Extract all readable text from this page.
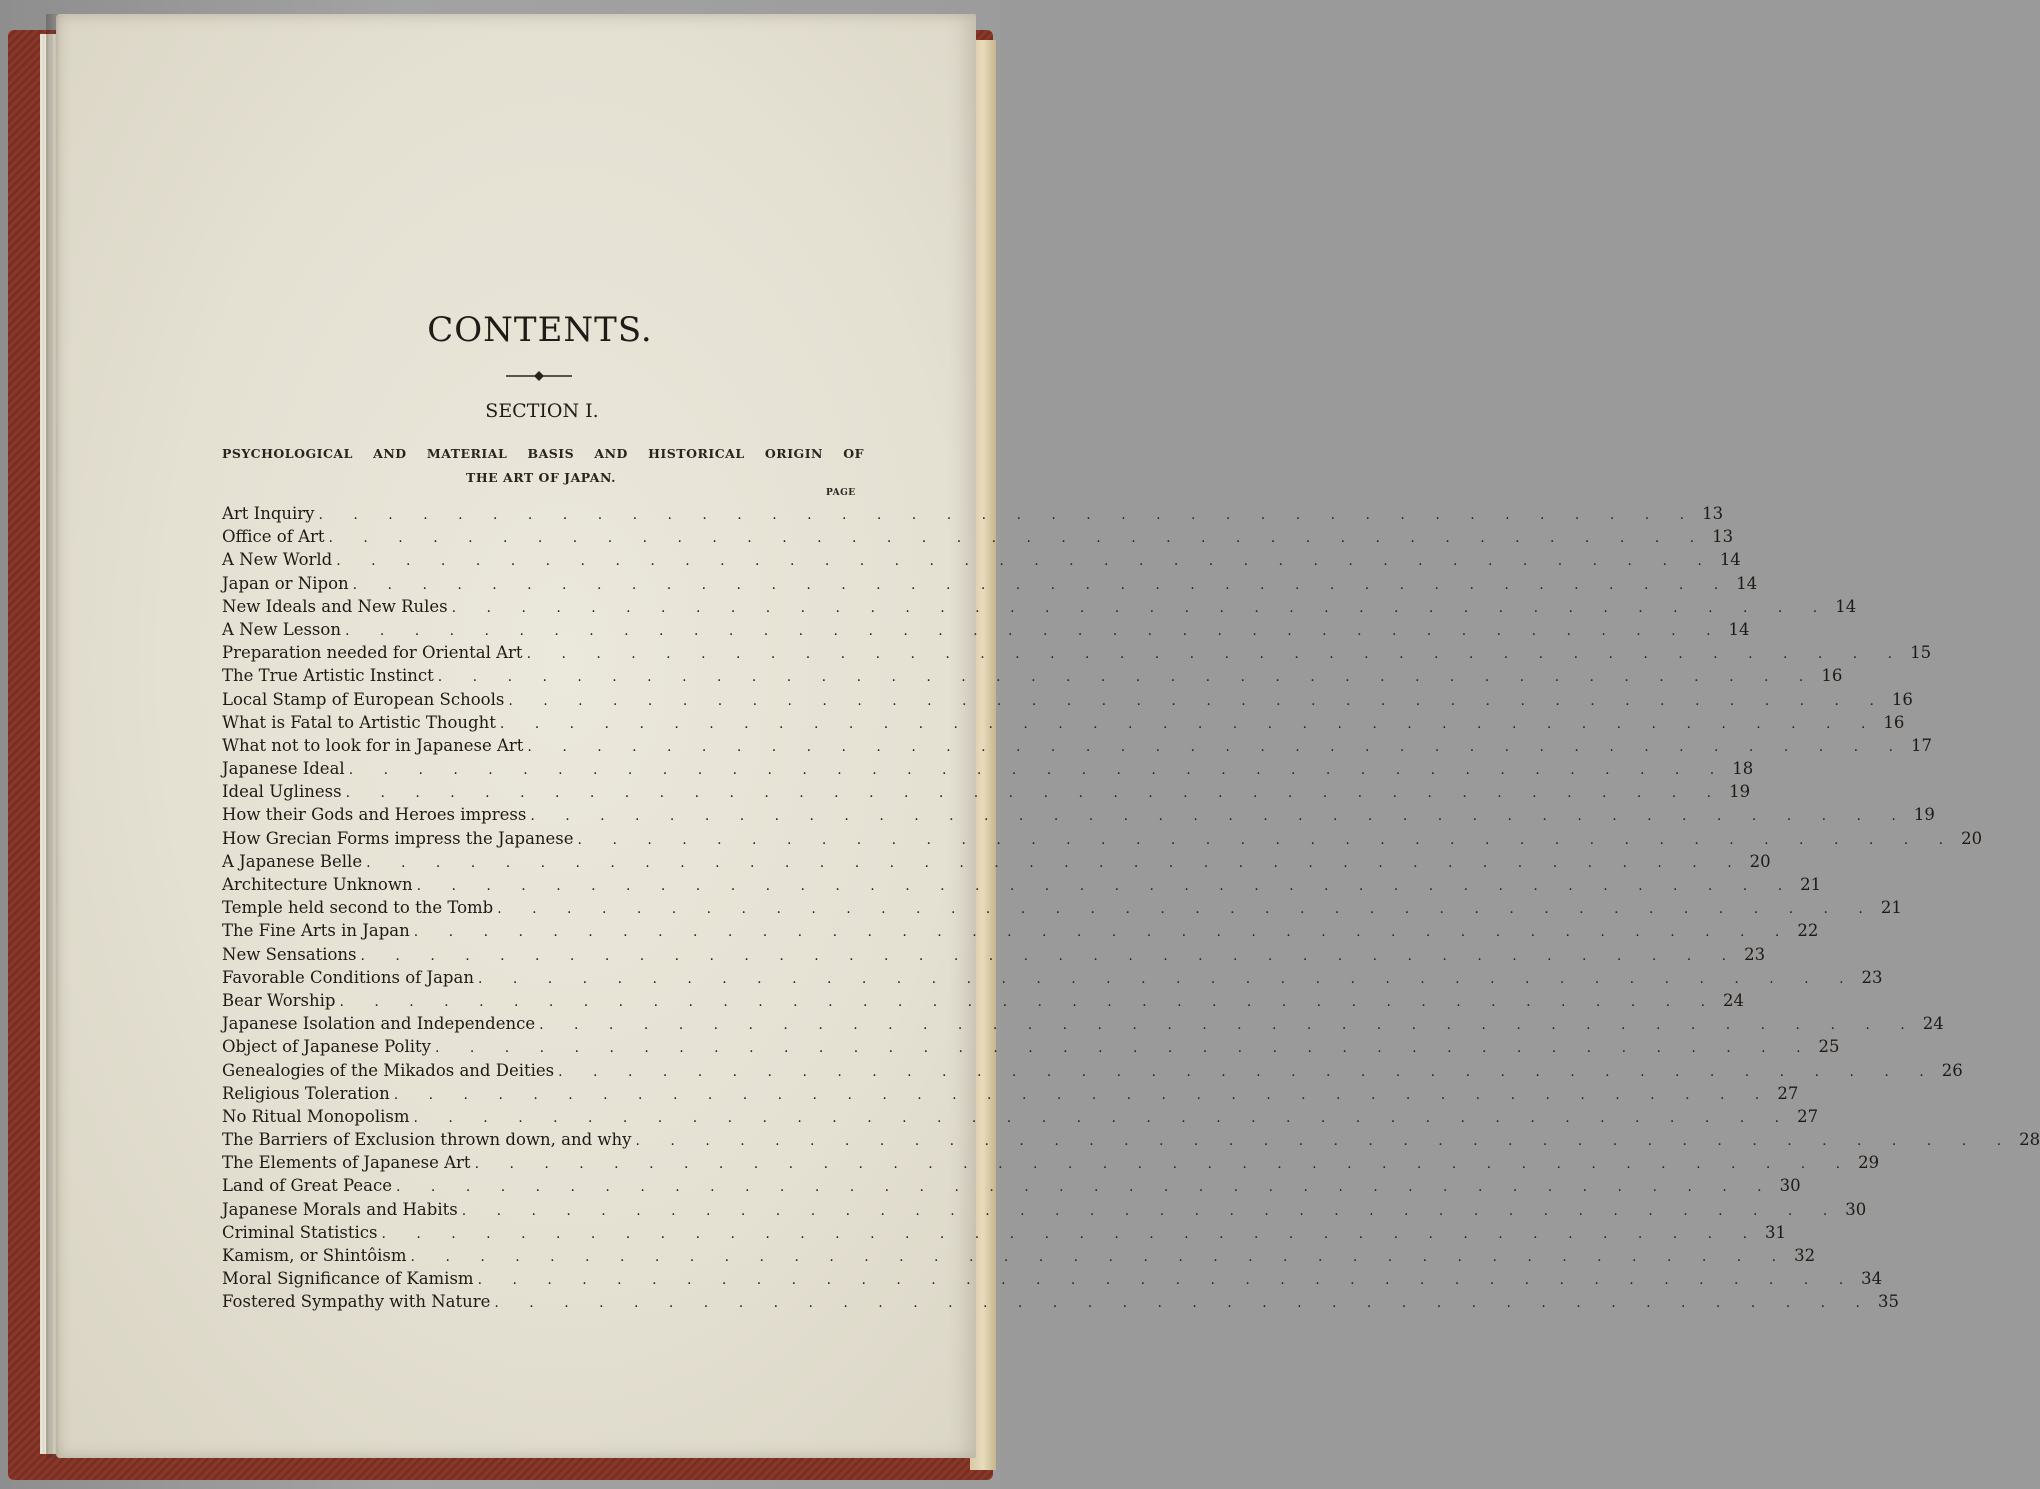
CONTENTS.
SECTION I.
PSYCHOLOGICAL AND MATERIAL BASIS AND HISTORICAL ORIGIN OF
THE ART OF JAPAN.
PAGE
Art Inquiry . . . . . . . . . . . . . . . . . . . . . . . . . . . . . . . . . . . . . . . . 13
Office of Art . . . . . . . . . . . . . . . . . . . . . . . . . . . . . . . . . . . . . . . . 13
A New World . . . . . . . . . . . . . . . . . . . . . . . . . . . . . . . . . . . . . . . . 14
Japan or Nipon . . . . . . . . . . . . . . . . . . . . . . . . . . . . . . . . . . . . . . . . 14
New Ideals and New Rules . . . . . . . . . . . . . . . . . . . . . . . . . . . . . . . . . . . . . . . . 14
A New Lesson . . . . . . . . . . . . . . . . . . . . . . . . . . . . . . . . . . . . . . . . 14
Preparation needed for Oriental Art . . . . . . . . . . . . . . . . . . . . . . . . . . . . . . . . . . . . . . . . 15
The True Artistic Instinct . . . . . . . . . . . . . . . . . . . . . . . . . . . . . . . . . . . . . . . . 16
Local Stamp of European Schools . . . . . . . . . . . . . . . . . . . . . . . . . . . . . . . . . . . . . . . . 16
What is Fatal to Artistic Thought . . . . . . . . . . . . . . . . . . . . . . . . . . . . . . . . . . . . . . . . 16
What not to look for in Japanese Art . . . . . . . . . . . . . . . . . . . . . . . . . . . . . . . . . . . . . . . . 17
Japanese Ideal . . . . . . . . . . . . . . . . . . . . . . . . . . . . . . . . . . . . . . . . 18
Ideal Ugliness . . . . . . . . . . . . . . . . . . . . . . . . . . . . . . . . . . . . . . . . 19
How their Gods and Heroes impress . . . . . . . . . . . . . . . . . . . . . . . . . . . . . . . . . . . . . . . . 19
How Grecian Forms impress the Japanese . . . . . . . . . . . . . . . . . . . . . . . . . . . . . . . . . . . . . . . . 20
A Japanese Belle . . . . . . . . . . . . . . . . . . . . . . . . . . . . . . . . . . . . . . . . 20
Architecture Unknown . . . . . . . . . . . . . . . . . . . . . . . . . . . . . . . . . . . . . . . . 21
Temple held second to the Tomb . . . . . . . . . . . . . . . . . . . . . . . . . . . . . . . . . . . . . . . . 21
The Fine Arts in Japan . . . . . . . . . . . . . . . . . . . . . . . . . . . . . . . . . . . . . . . . 22
New Sensations . . . . . . . . . . . . . . . . . . . . . . . . . . . . . . . . . . . . . . . . 23
Favorable Conditions of Japan . . . . . . . . . . . . . . . . . . . . . . . . . . . . . . . . . . . . . . . . 23
Bear Worship . . . . . . . . . . . . . . . . . . . . . . . . . . . . . . . . . . . . . . . . 24
Japanese Isolation and Independence . . . . . . . . . . . . . . . . . . . . . . . . . . . . . . . . . . . . . . . . 24
Object of Japanese Polity . . . . . . . . . . . . . . . . . . . . . . . . . . . . . . . . . . . . . . . . 25
Genealogies of the Mikados and Deities . . . . . . . . . . . . . . . . . . . . . . . . . . . . . . . . . . . . . . . . 26
Religious Toleration . . . . . . . . . . . . . . . . . . . . . . . . . . . . . . . . . . . . . . . . 27
No Ritual Monopolism . . . . . . . . . . . . . . . . . . . . . . . . . . . . . . . . . . . . . . . . 27
The Barriers of Exclusion thrown down, and why . . . . . . . . . . . . . . . . . . . . . . . . . . . . . . . . . . . . . . . . 28
The Elements of Japanese Art . . . . . . . . . . . . . . . . . . . . . . . . . . . . . . . . . . . . . . . . 29
Land of Great Peace . . . . . . . . . . . . . . . . . . . . . . . . . . . . . . . . . . . . . . . . 30
Japanese Morals and Habits . . . . . . . . . . . . . . . . . . . . . . . . . . . . . . . . . . . . . . . . 30
Criminal Statistics . . . . . . . . . . . . . . . . . . . . . . . . . . . . . . . . . . . . . . . . 31
Kamism, or Shintôism . . . . . . . . . . . . . . . . . . . . . . . . . . . . . . . . . . . . . . . . 32
Moral Significance of Kamism . . . . . . . . . . . . . . . . . . . . . . . . . . . . . . . . . . . . . . . . 34
Fostered Sympathy with Nature . . . . . . . . . . . . . . . . . . . . . . . . . . . . . . . . . . . . . . . . 35
